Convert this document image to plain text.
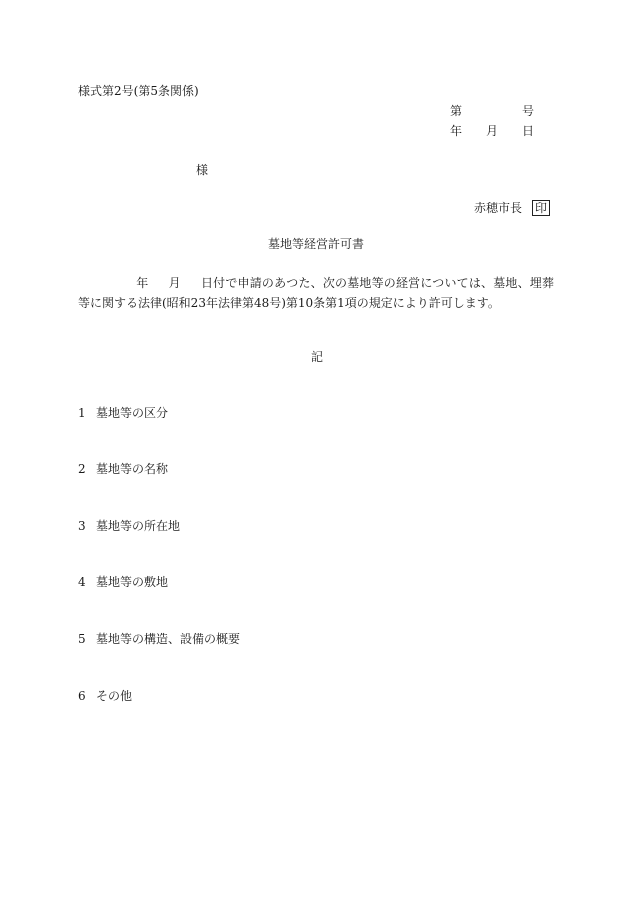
様式第2号(第5条関係)
第	号
年 月 日
様
赤穂市長 印
墓地等経営許可書
年 月 日付で申請のあつた、次の墓地等の経営については、墓地、埋葬等に関する法律(昭和23年法律第48号)第10条第1項の規定により許可します。
記
1 墓地等の区分
2 墓地等の名称
3 墓地等の所在地
4 墓地等の敷地
5 墓地等の構造、設備の概要
6 その他
